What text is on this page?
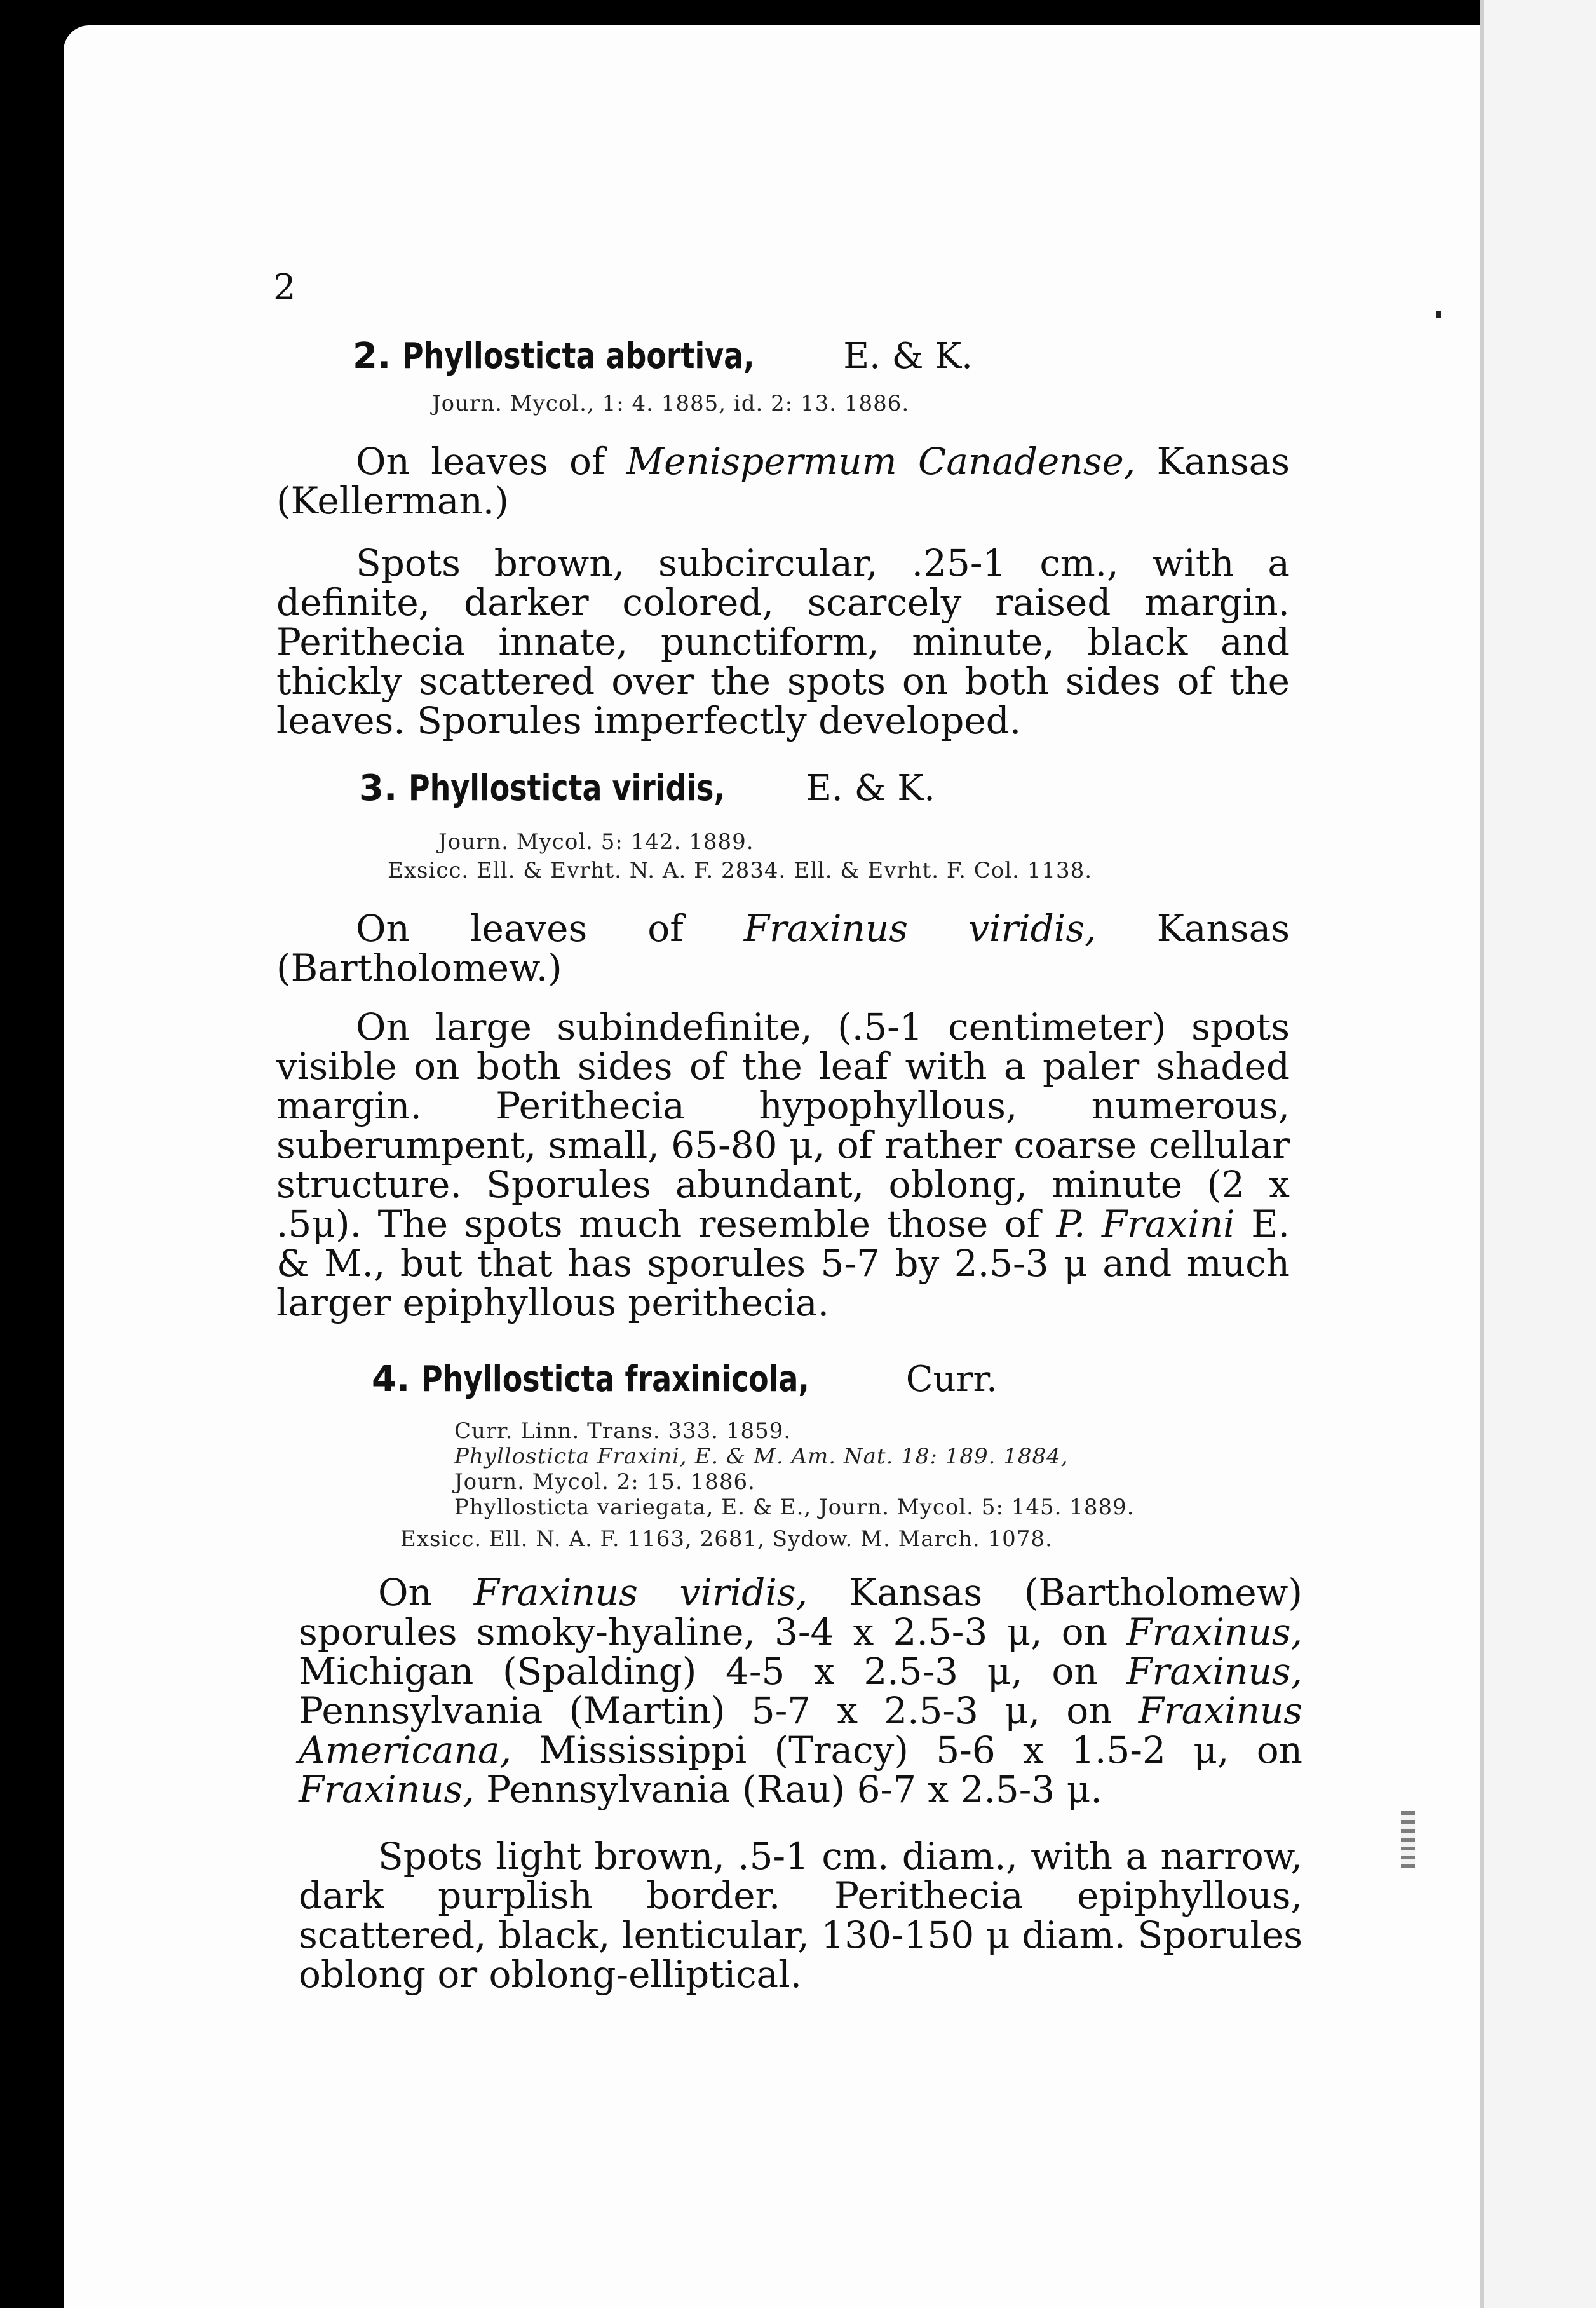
2
2. Phyllosticta abortiva, E. & K.
Journ. Mycol., 1: 4. 1885, id. 2: 13. 1886.
On leaves of Menispermum Canadense, Kansas (Kellerman.)
Spots brown, subcircular, .25-1 cm., with a definite, darker colored, scarcely raised margin. Perithecia innate, punctiform, minute, black and thickly scattered over the spots on both sides of the leaves. Sporules imperfectly developed.
3. Phyllosticta viridis, E. & K.
Journ. Mycol. 5: 142. 1889.
Exsicc. Ell. & Evrht. N. A. F. 2834. Ell. & Evrht. F. Col. 1138.
On leaves of Fraxinus viridis, Kansas (Bartholomew.)
On large subindefinite, (.5-1 centimeter) spots visible on both sides of the leaf with a paler shaded margin. Perithecia hypophyllous, numerous, suberumpent, small, 65-80 μ, of rather coarse cellular structure. Sporules abundant, oblong, minute (2 x .5μ). The spots much resemble those of P. Fraxini E. & M., but that has sporules 5-7 by 2.5-3 μ and much larger epiphyllous perithecia.
4. Phyllosticta fraxinicola,	Curr.
Curr. Linn. Trans. 333. 1859.
Phyllosticta Fraxini, E. & M. Am. Nat. 18: 189. 1884,
Journ. Mycol. 2: 15. 1886.
Phyllosticta variegata, E. & E., Journ. Mycol. 5: 145. 1889.
Exsicc. Ell. N. A. F. 1163, 2681, Sydow. M. March. 1078.
On Fraxinus viridis, Kansas (Bartholomew) sporules smoky-hyaline, 3-4 x 2.5-3 μ, on Fraxinus, Michigan (Spalding) 4-5 x 2.5-3 μ, on Fraxinus, Pennsylvania (Martin) 5-7 x 2.5-3 μ, on Fraxinus Americana, Mississippi (Tracy) 5-6 x 1.5-2 μ, on Fraxinus, Pennsylvania (Rau) 6-7 x 2.5-3 μ.
Spots light brown, .5-1 cm. diam., with a narrow, dark purplish border. Perithecia epiphyllous, scattered, black, lenticular, 130-150 μ diam. Sporules oblong or oblong-elliptical.
